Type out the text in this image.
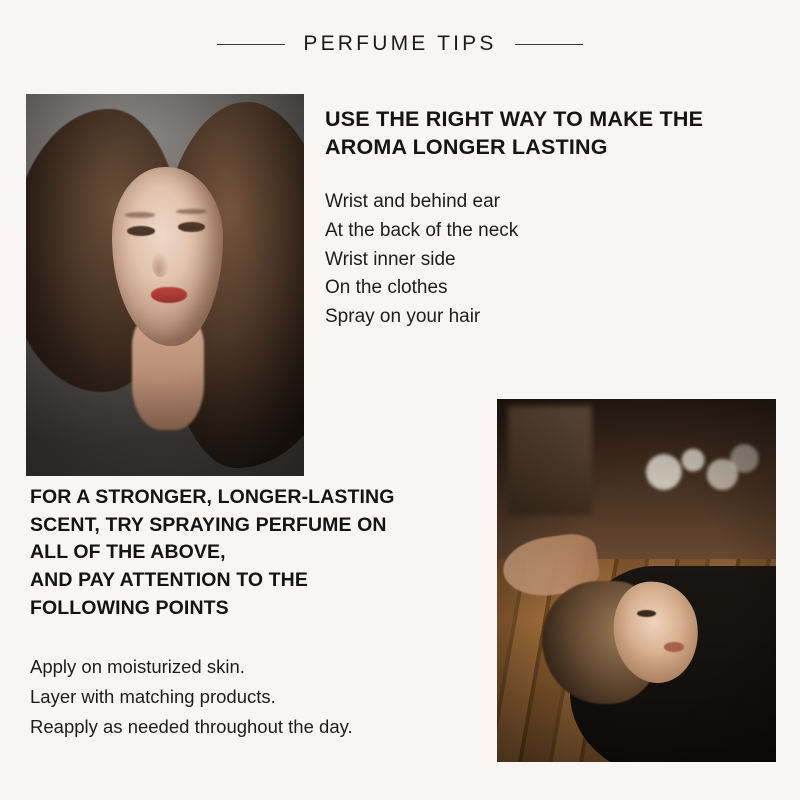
PERFUME TIPS
USE THE RIGHT WAY TO MAKE THE AROMA LONGER LASTING
Wrist and behind ear
At the back of the neck
Wrist inner side
On the clothes
Spray on your hair
FOR A STRONGER, LONGER-LASTING
SCENT, TRY SPRAYING PERFUME ON
ALL OF THE ABOVE,
AND PAY ATTENTION TO THE
FOLLOWING POINTS
Apply on moisturized skin.
Layer with matching products.
Reapply as needed throughout the day.
